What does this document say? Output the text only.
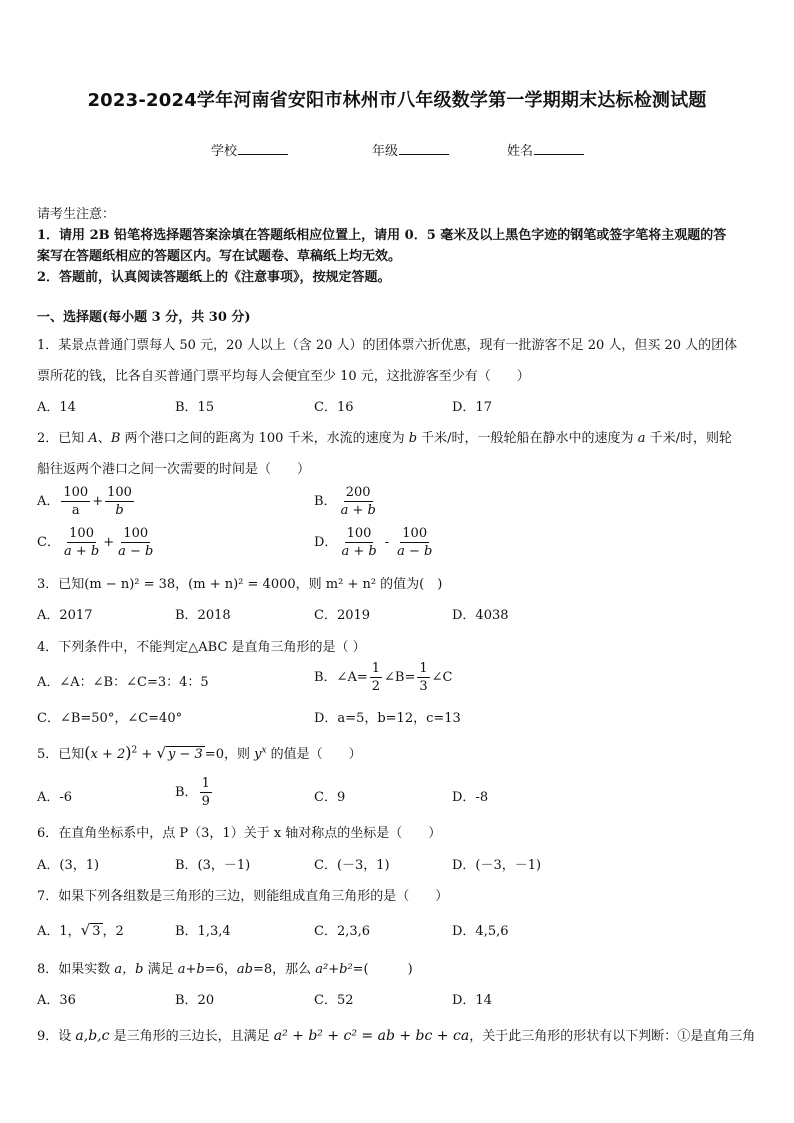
2023-2024学年河南省安阳市林州市八年级数学第一学期期末达标检测试题
学校	年级	姓名
请考生注意：
1．请用 2B 铅笔将选择题答案涂填在答题纸相应位置上，请用 0．5 毫米及以上黑色字迹的钢笔或签字笔将主观题的答
案写在答题纸相应的答题区内。写在试题卷、草稿纸上均无效。
2．答题前，认真阅读答题纸上的《注意事项》，按规定答题。
一、选择题(每小题 3 分，共 30 分)
1．某景点普通门票每人 50 元，20 人以上（含 20 人）的团体票六折优惠，现有一批游客不足 20 人，但买 20 人的团体
票所花的钱，比各自买普通门票平均每人会便宜至少 10 元，这批游客至少有（　　）
A．14	B．15	C．16	D．17
2．已知 A、B 两个港口之间的距离为 100 千米，水流的速度为 b 千米/时，一般轮船在静水中的速度为 a 千米/时，则轮
船往返两个港口之间一次需要的时间是（　　）
A． $\frac{100}{a} + \frac{100}{b}$	B． $\frac{200}{a + b}$
C． $\frac{100}{a + b} + \frac{100}{a - b}$	D． $\frac{100}{a + b} - \frac{100}{a - b}$
3．已知(m − n)² = 38，(m + n)² = 4000，则 m² + n² 的值为(　)
A．2017	B．2018	C．2019	D．4038
4．下列条件中，不能判定△ABC 是直角三角形的是（ ）
A．∠A：∠B：∠C=3：4：5	B．∠A= $\frac{1}{2}$ ∠B= $\frac{1}{3}$ ∠C
C．∠B=50°，∠C=40°	D．a=5，b=12，c=13
5．已知$(x + 2)^2$ + √ y − 3 =0，则 $y^x$ 的值是（　　）
A．-6	B． $\frac{1}{9}$	C．9	D．-8
6．在直角坐标系中，点 P（3，1）关于 x 轴对称点的坐标是（　　）
A．(3，1)	B．(3，－1)	C．(－3，1)	D．(－3，－1)
7．如果下列各组数是三角形的三边，则能组成直角三角形的是（　　）
A．1，√ 3 ，2	B．1,3,4	C．2,3,6	D．4,5,6
8．如果实数 a，b 满足 a+b=6，ab=8，那么 a²+b²=(　　　)
A．36	B．20	C．52	D．14
9．设 a,b,c 是三角形的三边长，且满足 a² + b² + c² = ab + bc + ca，关于此三角形的形状有以下判断：①是直角三角
